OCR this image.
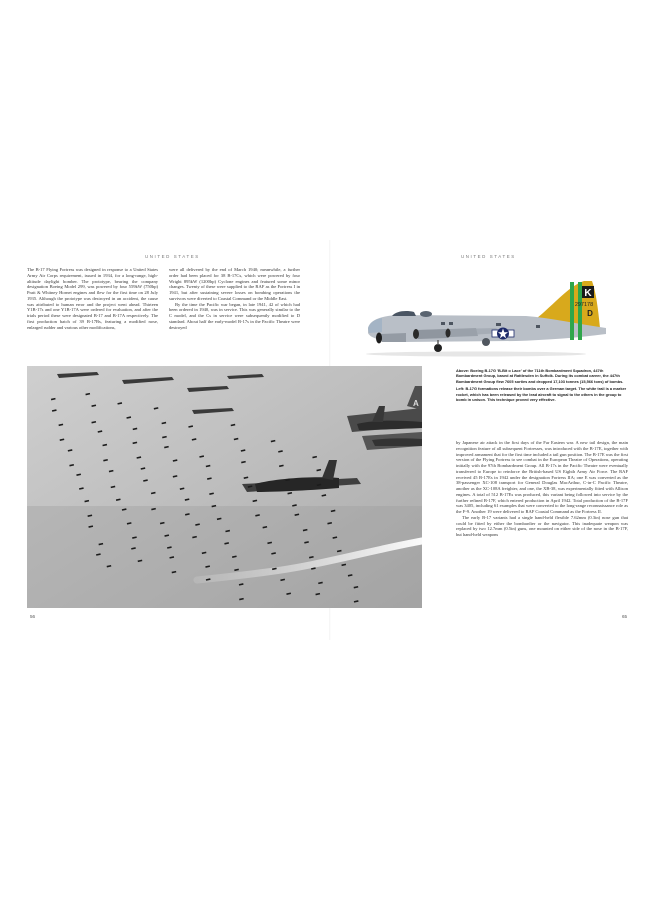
UNITED STATES	UNITED STATES

The B-17 Flying Fortress was designed in response to a United States Army Air Corps requirement, issued in 1934, for a long-range, high-altitude daylight bomber. The prototype, bearing the company designation Boeing Model 299, was powered by four 559kW (750hp) Pratt & Whitney Hornet engines and flew for the first time on 28 July 1935. Although the prototype was destroyed in an accident, the cause was attributed to human error and the project went ahead. Thirteen Y1B-17s and one Y1B-17A were ordered for evaluation, and after the trials period these were designated B-17 and B-17A respectively. The first production batch of 39 B-17Bs, featuring a modified nose, enlarged rudder and various other modifications,

were all delivered by the end of March 1940; meanwhile, a further order had been placed for 38 B-17Cs, which were powered by four Wright 895kW (1200hp) Cyclone engines and featured some minor changes. Twenty of these were supplied to the RAF as the Fortress I in 1941, but after sustaining severe losses on bombing operations the survivors were diverted to Coastal Command or the Middle East.

By the time the Pacific war began, in late 1941, 42 of which had been ordered in 1940, was in service. This was generally similar to the C model, and the Cs in service were subsequently modified to D standard. About half the early-model B-17s in the Pacific Theatre were destroyed

K
297178
D

Above: Boeing B-17G 'B-Bit o Lace' of the 711th Bombardment Squadron, 447th Bombardment Group, based at Rattlesden in Suffolk. During its combat career, the 447th Bombardment Group flew 7605 sorties and dropped 17,103 tonnes (15,566 tons) of bombs.

Left: B-17G formations release their bombs over a German target. The white trail is a marker rocket, which has been released by the lead aircraft to signal to the others in the group to bomb in unison. This technique proved very effective.

by Japanese air attack in the first days of the Far Eastern war. A new tail design, the main recognition feature of all subsequent Fortresses, was introduced with the B-17E, together with improved armament that for the first time included a tail gun position. The B-17E was the first version of the Flying Fortress to see combat in the European Theatre of Operations, operating initially with the 97th Bombardment Group. All B-17s in the Pacific Theatre were eventually transferred to Europe to reinforce the British-based US Eighth Army Air Force. The RAF received 45 B-17Es in 1942 under the designation Fortress IIA; one E was converted as the 38-passenger XC-108 transport for General Douglas MacArthur, C-in-C Pacific Theatre, another as the XC-108A freighter, and one, the XB-38, was experimentally fitted with Allison engines. A total of 512 B-17Es was produced, this variant being followed into service by the further refined B-17F, which entered production in April 1942. Total production of the B-17F was 3405, including 61 examples that were converted to the long-range reconnaissance role as the F-9. Another 19 were delivered to RAF Coastal Command as the Fortress II.

The early B-17 variants had a single hand-held flexible 7.62mm (0.3in) nose gun that could be fitted by either the bombardier or the navigator. This inadequate weapon was replaced by two 12.7mm (0.5in) guns, one mounted on either side of the nose in the B-17F, but hand-held weapons

A
56	65
